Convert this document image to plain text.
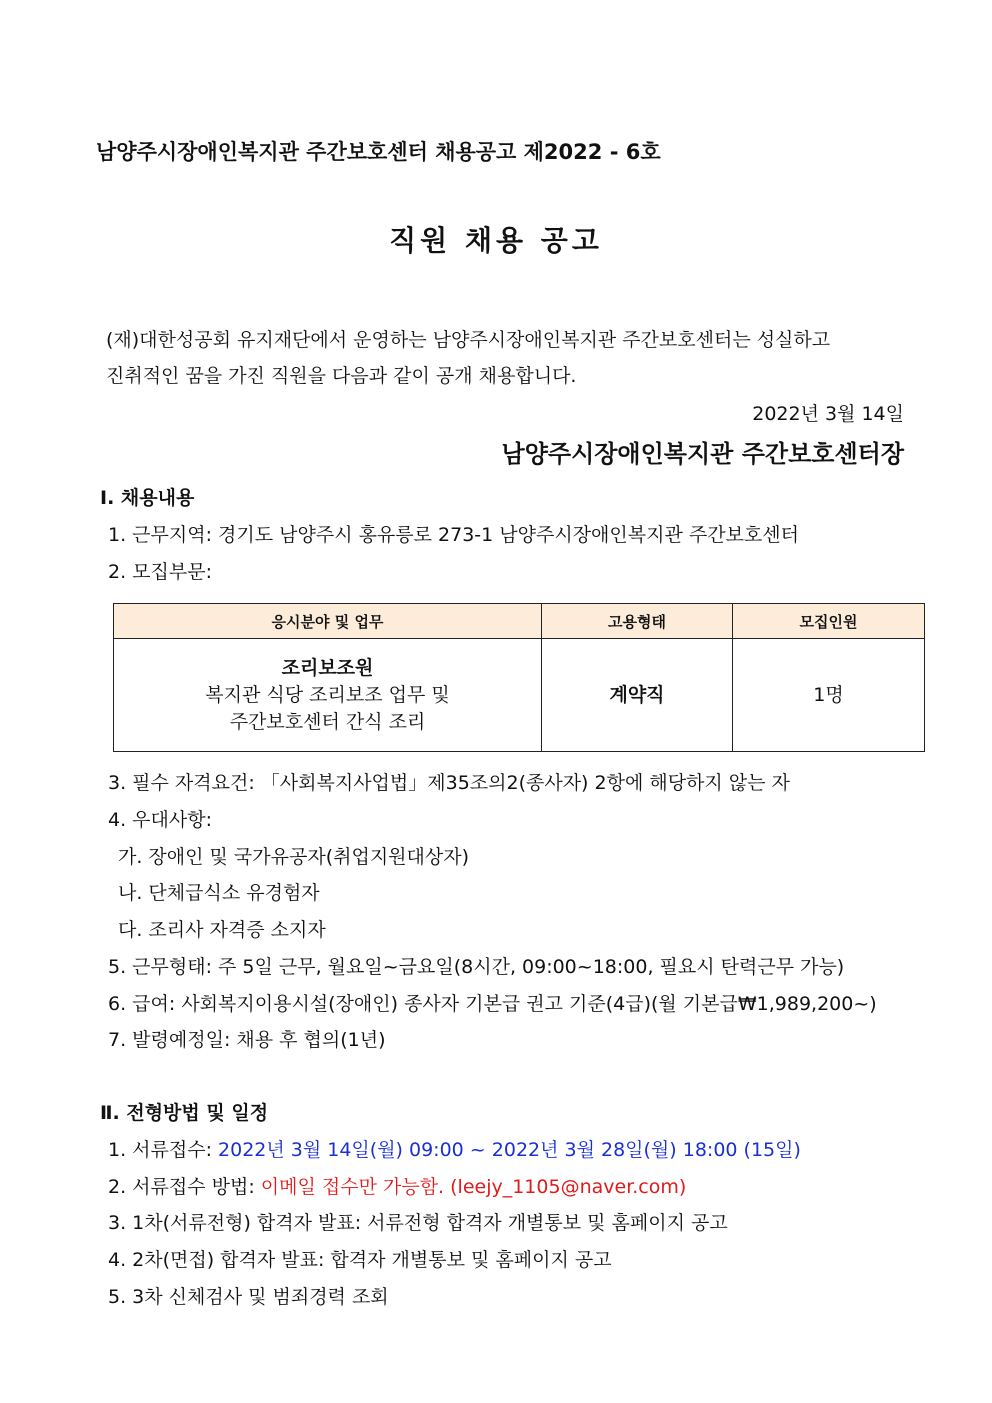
남양주시장애인복지관 주간보호센터 채용공고 제2022 - 6호
직원 채용 공고
(재)대한성공회 유지재단에서 운영하는 남양주시장애인복지관 주간보호센터는 성실하고
진취적인 꿈을 가진 직원을 다음과 같이 공개 채용합니다.
2022년 3월 14일
남양주시장애인복지관 주간보호센터장
Ⅰ. 채용내용
1. 근무지역: 경기도 남양주시 홍유릉로 273-1 남양주시장애인복지관 주간보호센터
2. 모집부문:
응시분야 및 업무	고용형태	모집인원

조리보조원
복지관 식당 조리보조 업무 및
주간보호센터 간식 조리	계약직	1명
3. 필수 자격요건: 「사회복지사업법」제35조의2(종사자) 2항에 해당하지 않는 자
4. 우대사항:
가. 장애인 및 국가유공자(취업지원대상자)
나. 단체급식소 유경험자
다. 조리사 자격증 소지자
5. 근무형태: 주 5일 근무, 월요일~금요일(8시간, 09:00~18:00, 필요시 탄력근무 가능)
6. 급여: 사회복지이용시설(장애인) 종사자 기본급 권고 기준(4급)(월 기본급₩1,989,200~)
7. 발령예정일: 채용 후 협의(1년)
Ⅱ. 전형방법 및 일정
1. 서류접수: 2022년 3월 14일(월) 09:00 ~ 2022년 3월 28일(월) 18:00 (15일)
2. 서류접수 방법: 이메일 접수만 가능함. (leejy_1105@naver.com)
3. 1차(서류전형) 합격자 발표: 서류전형 합격자 개별통보 및 홈페이지 공고
4. 2차(면접) 합격자 발표: 합격자 개별통보 및 홈페이지 공고
5. 3차 신체검사 및 범죄경력 조회
